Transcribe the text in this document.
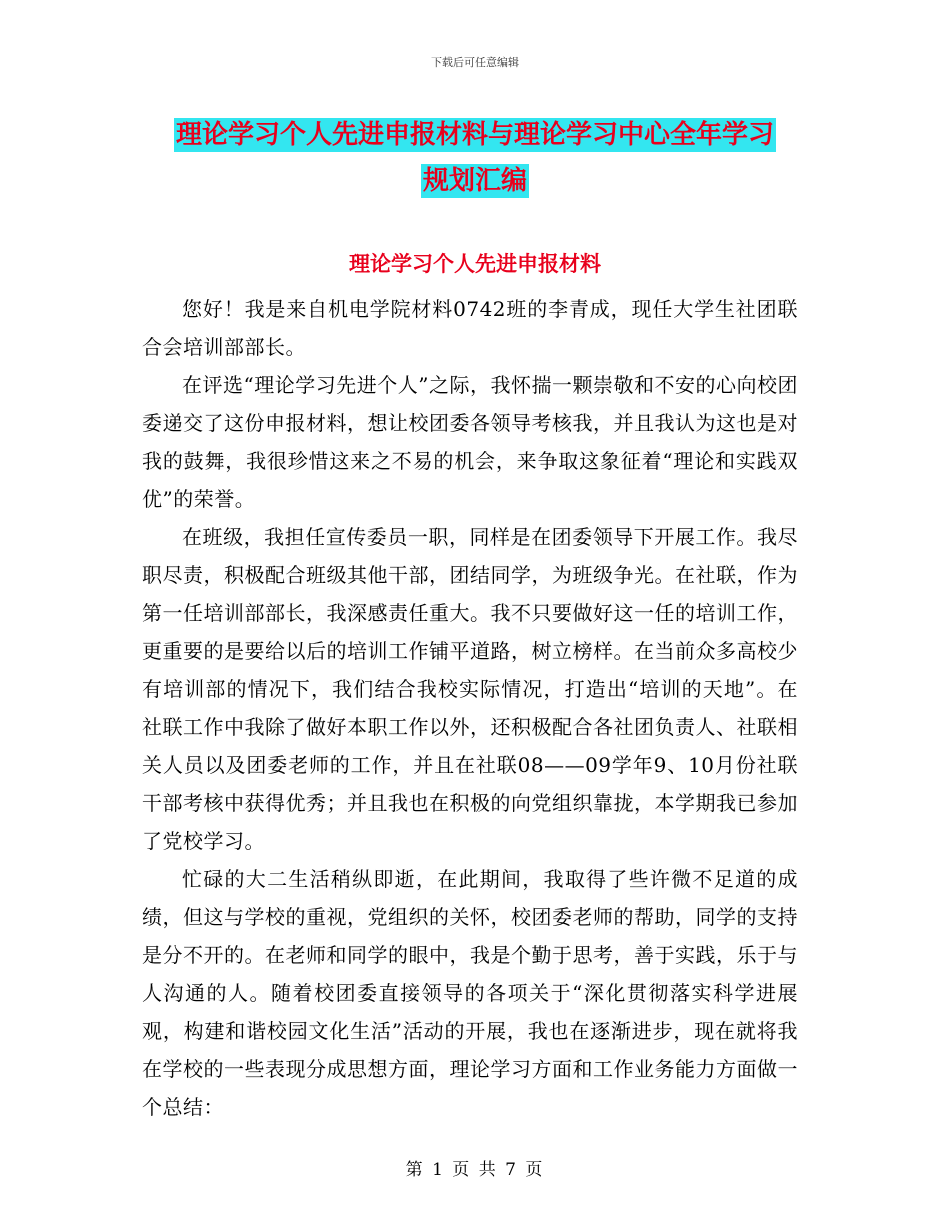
下载后可任意编辑
理论学习个人先进申报材料与理论学习中心全年学习
规划汇编
理论学习个人先进申报材料

您好！我是来自机电学院材料0742班的李青成，现任大学生社团联合会培训部部长。

在评选“理论学习先进个人”之际，我怀揣一颗崇敬和不安的心向校团委递交了这份申报材料，想让校团委各领导考核我，并且我认为这也是对我的鼓舞，我很珍惜这来之不易的机会，来争取这象征着“理论和实践双优”的荣誉。

在班级，我担任宣传委员一职，同样是在团委领导下开展工作。我尽职尽责，积极配合班级其他干部，团结同学，为班级争光。在社联，作为第一任培训部部长，我深感责任重大。我不只要做好这一任的培训工作，更重要的是要给以后的培训工作铺平道路，树立榜样。在当前众多高校少有培训部的情况下，我们结合我校实际情况，打造出“培训的天地”。在社联工作中我除了做好本职工作以外，还积极配合各社团负责人、社联相关人员以及团委老师的工作，并且在社联08——09学年9、10月份社联干部考核中获得优秀；并且我也在积极的向党组织靠拢，本学期我已参加了党校学习。

忙碌的大二生活稍纵即逝，在此期间，我取得了些许微不足道的成绩，但这与学校的重视，党组织的关怀，校团委老师的帮助，同学的支持是分不开的。在老师和同学的眼中，我是个勤于思考，善于实践，乐于与人沟通的人。随着校团委直接领导的各项关于“深化贯彻落实科学进展观，构建和谐校园文化生活”活动的开展，我也在逐渐进步，现在就将我在学校的一些表现分成思想方面，理论学习方面和工作业务能力方面做一个总结：

第 1 页 共 7 页
